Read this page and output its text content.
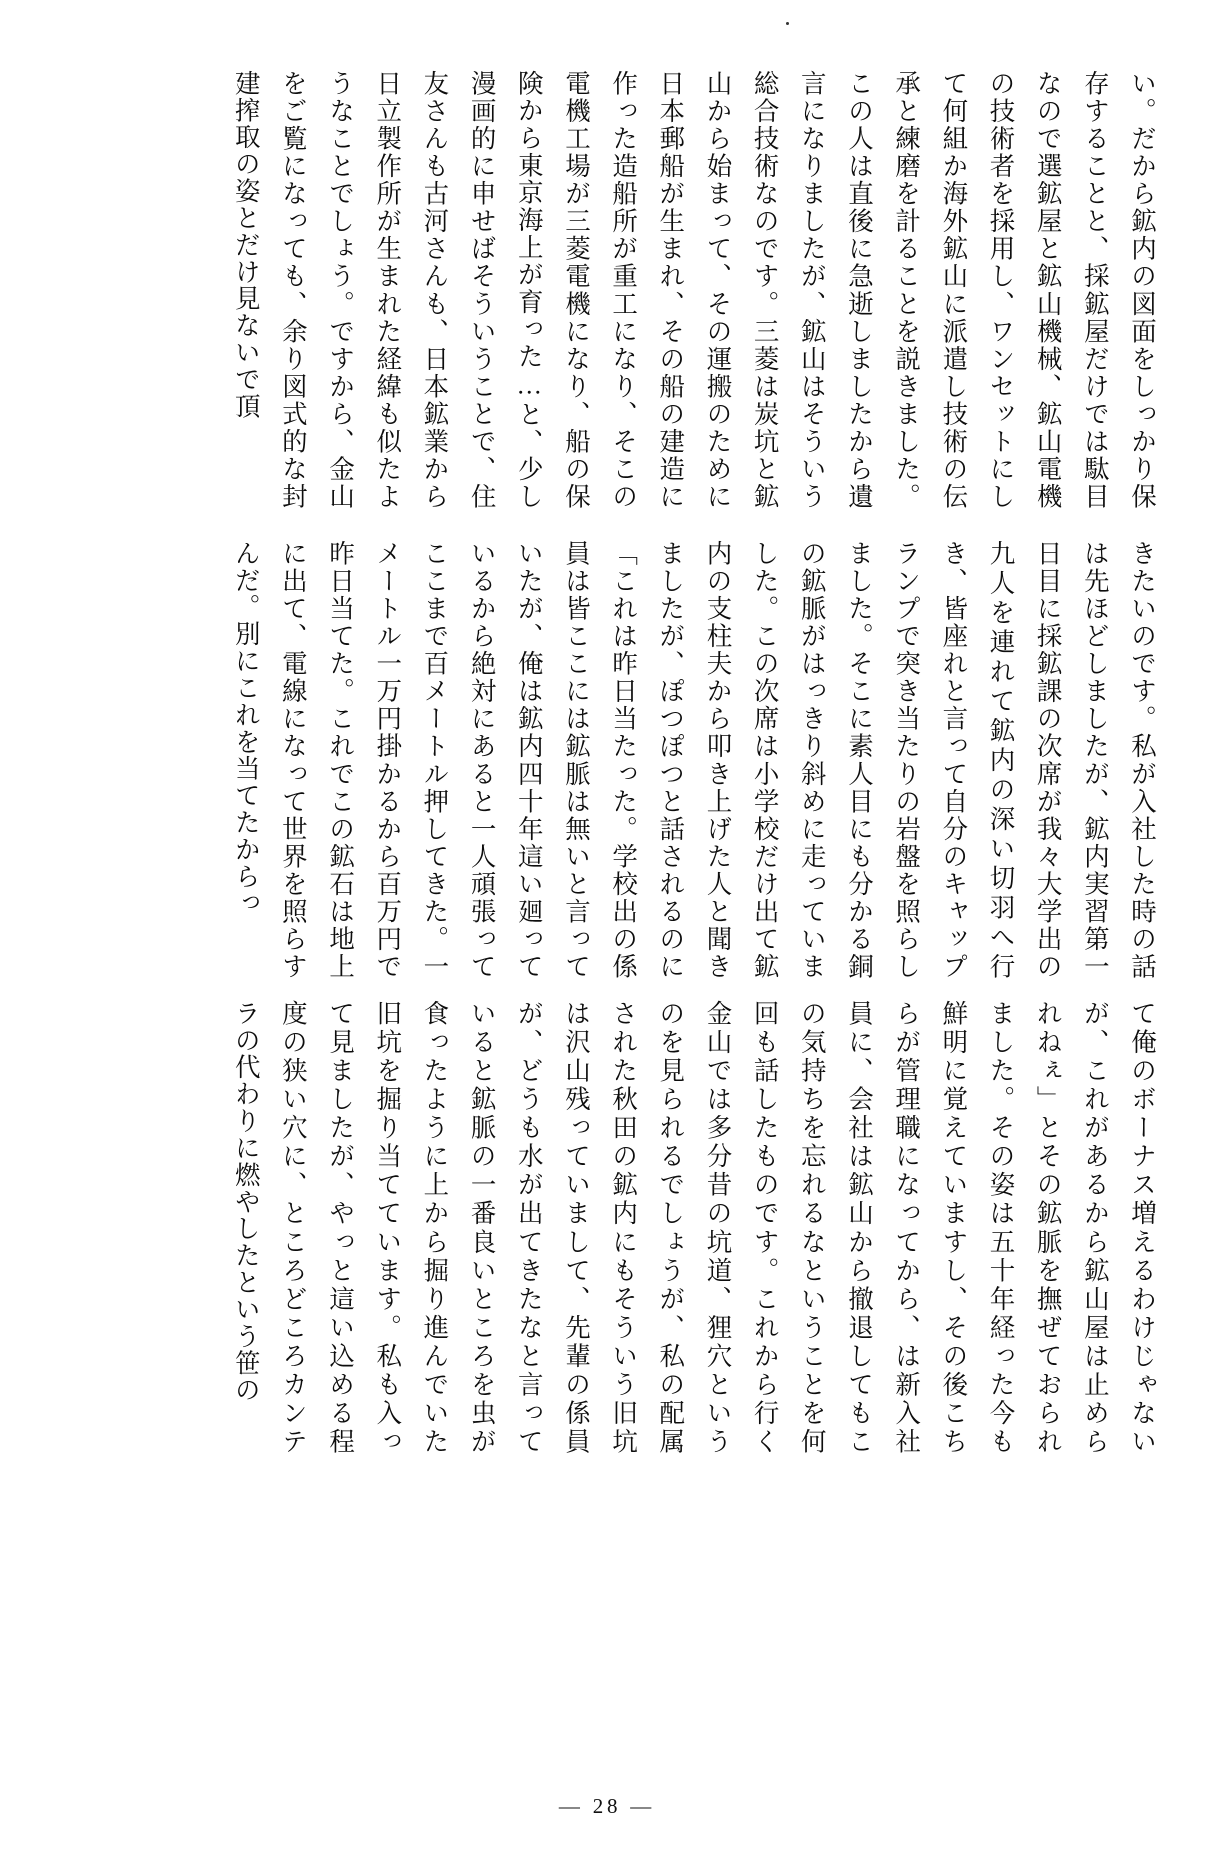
い。だから鉱内の図面をしっかり保存することと、採鉱屋だけでは駄目なので選鉱屋と鉱山機械、鉱山電機の技術者を採用し、ワンセットにして何組か海外鉱山に派遣し技術の伝承と練磨を計ることを説きました。この人は直後に急逝しましたから遺言になりましたが、鉱山はそういう総合技術なのです。三菱は炭坑と鉱山から始まって、その運搬のために日本郵船が生まれ、その船の建造に作った造船所が重工になり、そこの電機工場が三菱電機になり、船の保険から東京海上が育った…と、少し漫画的に申せばそういうことで、住友さんも古河さんも、日本鉱業から日立製作所が生まれた経緯も似たようなことでしょう。ですから、金山をご覧になっても、余り図式的な封建搾取の姿とだけ見ないで頂
きたいのです。私が入社した時の話は先ほどしましたが、鉱内実習第一日目に採鉱課の次席が我々大学出の九人を連れて鉱内の深い切羽へ行き、皆座れと言って自分のキャップランプで突き当たりの岩盤を照らしました。そこに素人目にも分かる銅の鉱脈がはっきり斜めに走っていました。この次席は小学校だけ出て鉱内の支柱夫から叩き上げた人と聞きましたが、ぽつぽつと話されるのに「これは昨日当たった。学校出の係員は皆ここには鉱脈は無いと言っていたが、俺は鉱内四十年這い廻っているから絶対にあると一人頑張ってここまで百メートル押してきた。一メートル一万円掛かるから百万円で昨日当てた。これでこの鉱石は地上に出て、電線になって世界を照らすんだ。別にこれを当てたからっ
て俺のボーナス増えるわけじゃないが、これがあるから鉱山屋は止められねぇ」とその鉱脈を撫ぜておられました。その姿は五十年経った今も鮮明に覚えていますし、その後こちらが管理職になってから、は新入社員に、会社は鉱山から撤退してもこの気持ちを忘れるなということを何回も話したものです。これから行く金山では多分昔の坑道、狸穴というのを見られるでしょうが、私の配属された秋田の鉱内にもそういう旧坑は沢山残っていまして、先輩の係員が、どうも水が出てきたなと言っていると鉱脈の一番良いところを虫が食ったように上から掘り進んでいた旧坑を掘り当てています。私も入って見ましたが、やっと這い込める程度の狭い穴に、ところどころカンテラの代わりに燃やしたという笹の
— 28 —
